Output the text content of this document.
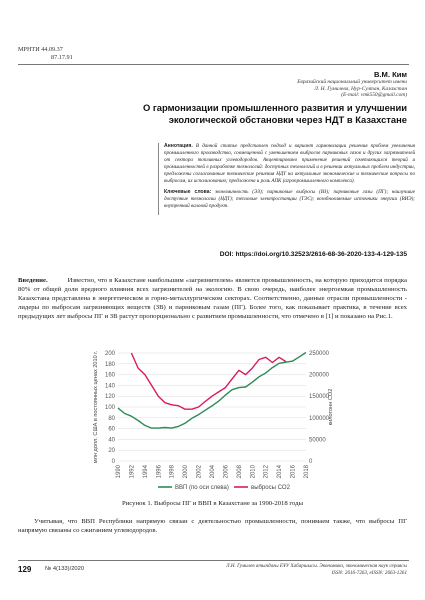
МРНТИ 44.09.37
87.17.91
В.М. Ким
Евразийский национальный университет имени
Л. Н. Гумилева, Нур-Султан, Казахстан
(E-mail: vmk550@gmail.com)
О гармонизации промышленного развития и улучшении
экологической обстановки через НДТ в Казахстане

Аннотация. В данной статье представлен подход и вариант гармонизации решения проблем увеличения промышленного производства, совмещенной с уменьшением выбросов парниковых газов и других загрязнителей от сектора топливных углеводородов. Акцентировано применение решений сочетающихся теорий и промышленностей в разработке технологий: доступных технологий и в решении актуальных проблем индустрии, предложены согласованные технические решения НДТ на актуальные экономические и технические вопросы по выбросам, их использованию; предложена и роль АПК (агропромышленного комплекса).

Ключевые слова: экономичность (ЭЗ); парниковые выбросы (ВЗ); парниковые газы (ПГ); наилучшие доступные технологии (НДТ); тепловые электростанции (ТЭС); возобновляемые источники энергии (ВИЭ); внутренний валовой продукт.

DOI: https://doi.org/10.32523/2616-68-36-2020-133-4-129-135
Введение.	Известно, что в Казахстане наибольшим «загрязнителем» является промышленность, на которую приходится порядка 80% от общей доли вредного влияния всех загрязнителей на экологию. В свою очередь, наиболее энергоемкая промышленность Казахстана представлена в энергетическом и горно-металлургическом секторах. Соответственно, данные отрасли промышленности - лидеры по выбросам загрязняющих веществ (ЗВ) и парниковым газам (ПГ). Более того, как показывает практика, в течение всех предыдущих лет выбросы ПГ и ЗВ растут пропорционально с развитием промышленности, что отмечено в [1] и показано на Рис.1.
0
20
40
60
80
100
120
140
160
180
200
0
50000
100000
150000
200000
250000
1990 1992 1994 1996 1998 2000 2002 2004 2006 2008 2010 2012 2014 2016 2018
млн долл. США в постоянных ценах 2010 г.	килотонн CO2
ВВП (по оси слева)	выбросы CO2
Рисунок 1. Выбросы ПГ и ВВП в Казахстане за 1990-2018 годы
Учитывая, что ВВП Республики напрямую связан с деятельностью промышленности, понимаем также, что выбросы ПГ напрямую связаны со сжиганием углеводородов.
129 № 4(133)/2020	Л.Н. Гумилев атындағы ЕҰУ Хабаршысы. Экономика, экономическая наук сериясы
ISSN: 2616-7263, eISSN: 2663-1261
